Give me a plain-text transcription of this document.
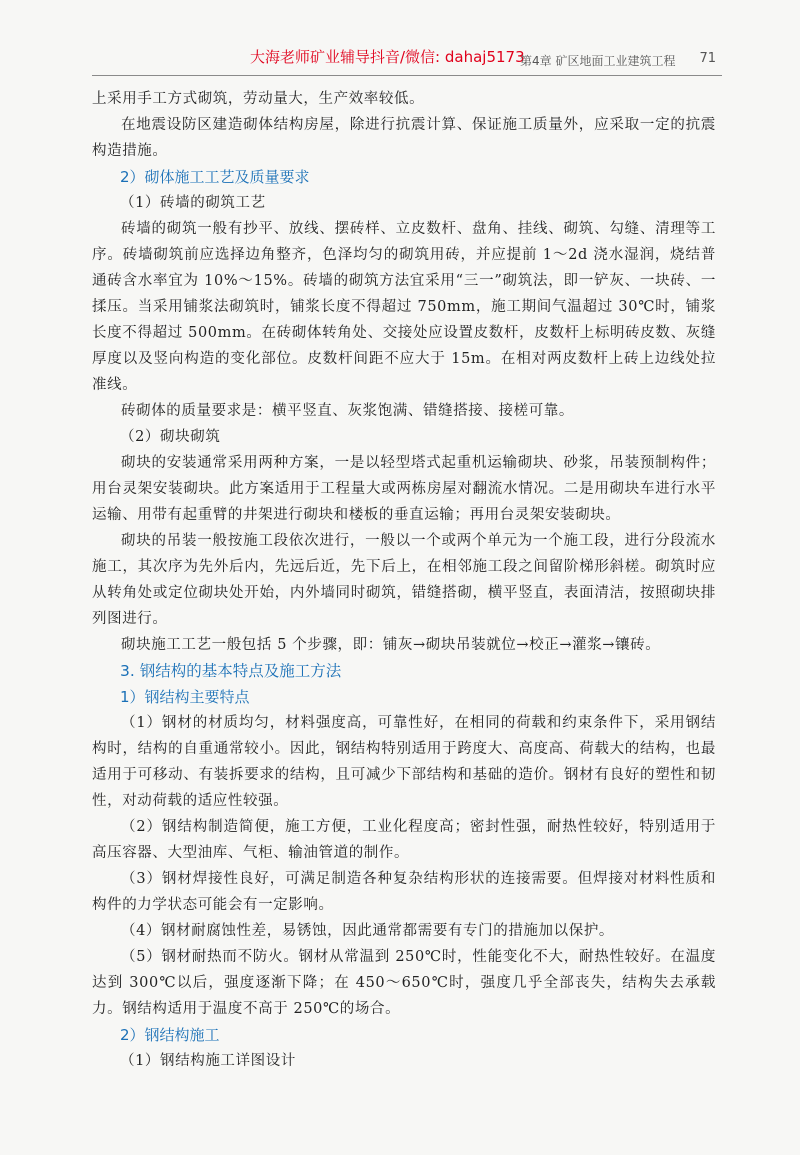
大海老师矿业辅导抖音/微信: dahaj5173
第4章 矿区地面工业建筑工程 71

上采用手工方式砌筑，劳动量大，生产效率较低。

在地震设防区建造砌体结构房屋，除进行抗震计算、保证施工质量外，应采取一定的抗震构造措施。

2）砌体施工工艺及质量要求
（1）砖墙的砌筑工艺

砖墙的砌筑一般有抄平、放线、摆砖样、立皮数杆、盘角、挂线、砌筑、勾缝、清理等工序。砖墙砌筑前应选择边角整齐，色泽均匀的砌筑用砖，并应提前 1～2d 浇水湿润，烧结普通砖含水率宜为 10%～15%。砖墙的砌筑方法宜采用“三一”砌筑法，即一铲灰、一块砖、一揉压。当采用铺浆法砌筑时，铺浆长度不得超过 750mm，施工期间气温超过 30℃时，铺浆长度不得超过 500mm。在砖砌体转角处、交接处应设置皮数杆，皮数杆上标明砖皮数、灰缝厚度以及竖向构造的变化部位。皮数杆间距不应大于 15m。在相对两皮数杆上砖上边线处拉准线。

砖砌体的质量要求是：横平竖直、灰浆饱满、错缝搭接、接槎可靠。

（2）砌块砌筑

砌块的安装通常采用两种方案，一是以轻型塔式起重机运输砌块、砂浆，吊装预制构件；用台灵架安装砌块。此方案适用于工程量大或两栋房屋对翻流水情况。二是用砌块车进行水平运输、用带有起重臂的井架进行砌块和楼板的垂直运输；再用台灵架安装砌块。

砌块的吊装一般按施工段依次进行，一般以一个或两个单元为一个施工段，进行分段流水施工，其次序为先外后内，先远后近，先下后上，在相邻施工段之间留阶梯形斜槎。砌筑时应从转角处或定位砌块处开始，内外墙同时砌筑，错缝搭砌，横平竖直，表面清洁，按照砌块排列图进行。

砌块施工工艺一般包括 5 个步骤，即：铺灰→砌块吊装就位→校正→灌浆→镶砖。

3. 钢结构的基本特点及施工方法
1）钢结构主要特点

（1）钢材的材质均匀，材料强度高，可靠性好，在相同的荷载和约束条件下，采用钢结构时，结构的自重通常较小。因此，钢结构特别适用于跨度大、高度高、荷载大的结构，也最适用于可移动、有装拆要求的结构，且可减少下部结构和基础的造价。钢材有良好的塑性和韧性，对动荷载的适应性较强。

（2）钢结构制造简便，施工方便，工业化程度高；密封性强，耐热性较好，特别适用于高压容器、大型油库、气柜、输油管道的制作。

（3）钢材焊接性良好，可满足制造各种复杂结构形状的连接需要。但焊接对材料性质和构件的力学状态可能会有一定影响。

（4）钢材耐腐蚀性差，易锈蚀，因此通常都需要有专门的措施加以保护。

（5）钢材耐热而不防火。钢材从常温到 250℃时，性能变化不大，耐热性较好。在温度达到 300℃以后，强度逐渐下降；在 450～650℃时，强度几乎全部丧失，结构失去承载力。钢结构适用于温度不高于 250℃的场合。

2）钢结构施工
（1）钢结构施工详图设计
